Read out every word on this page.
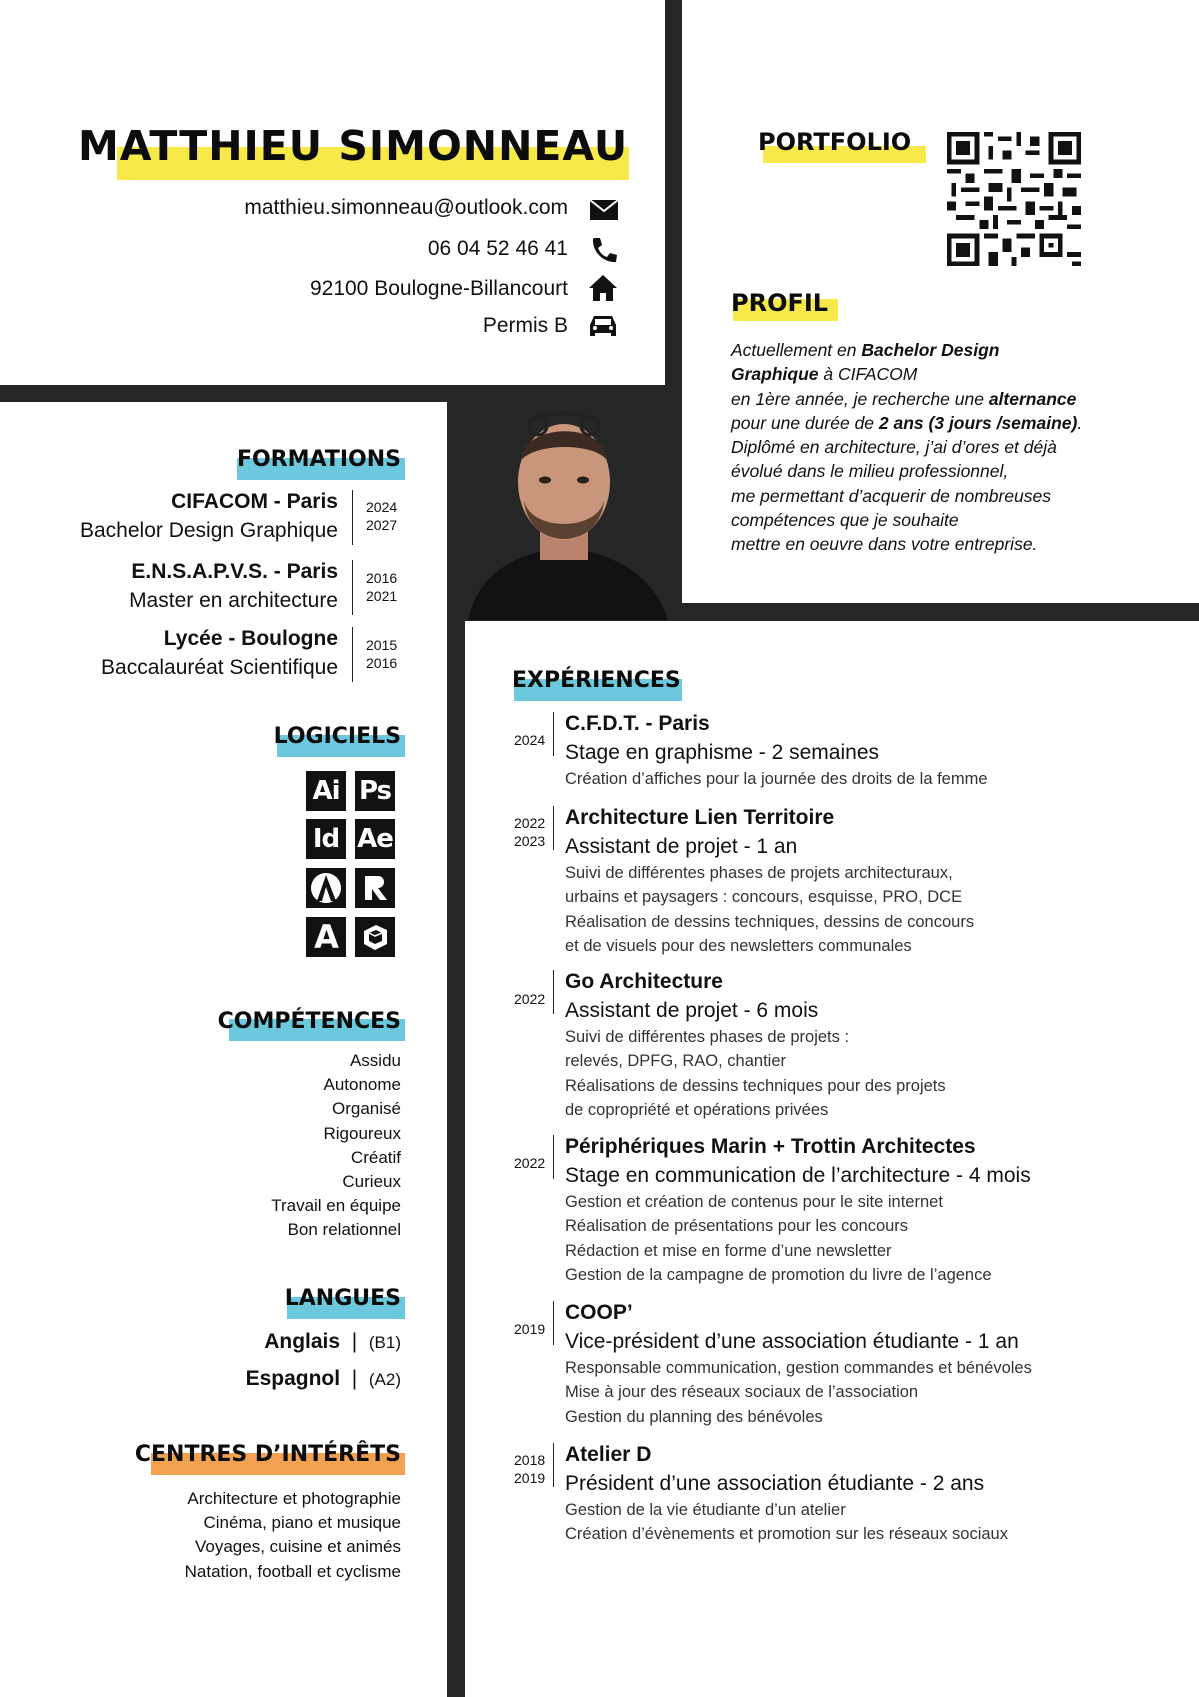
MATTHIEU SIMONNEAU
matthieu.simonneau@outlook.com
06 04 52 46 41
92100 Boulogne-Billancourt
Permis B
PORTFOLIO
PROFIL
Actuellement en Bachelor Design
Graphique à CIFACOM
en 1ère année, je recherche une alternance
pour une durée de 2 ans (3 jours /semaine).
Diplômé en architecture, j’ai d’ores et déjà
évolué dans le milieu professionnel,
me permettant d’acquerir de nombreuses
compétences que je souhaite
mettre en oeuvre dans votre entreprise.
FORMATIONS
CIFACOM - Paris
Bachelor Design Graphique
2024
2027
E.N.S.A.P.V.S. - Paris
Master en architecture
2016
2021
Lycée - Boulogne
Baccalauréat Scientifique
2015
2016
LOGICIELS
Ai Ps
Id Ae
A
COMPÉTENCES
Assidu
Autonome
Organisé
Rigoureux
Créatif
Curieux
Travail en équipe
Bon relationnel
LANGUES
Anglais  |  (B1)
Espagnol  |  (A2)
CENTRES D’INTÉRÊTS
Architecture et photographie
Cinéma, piano et musique
Voyages, cuisine et animés
Natation, football et cyclisme
EXPÉRIENCES
2024
C.F.D.T. - Paris
Stage en graphisme - 2 semaines
Création d’affiches pour la journée des droits de la femme
2022
2023
Architecture Lien Territoire
Assistant de projet - 1 an
Suivi de différentes phases de projets architecturaux,
urbains et paysagers : concours, esquisse, PRO, DCE
Réalisation de dessins techniques, dessins de concours
et de visuels pour des newsletters communales
2022
Go Architecture
Assistant de projet - 6 mois
Suivi de différentes phases de projets :
relevés, DPFG, RAO, chantier
Réalisations de dessins techniques pour des projets
de copropriété et opérations privées
2022
Périphériques Marin + Trottin Architectes
Stage en communication de l’architecture - 4 mois
Gestion et création de contenus pour le site internet
Réalisation de présentations pour les concours
Rédaction et mise en forme d’une newsletter
Gestion de la campagne de promotion du livre de l’agence
2019
COOP’
Vice-président d’une association étudiante - 1 an
Responsable communication, gestion commandes et bénévoles
Mise à jour des réseaux sociaux de l’association
Gestion du planning des bénévoles
2018
2019
Atelier D
Président d’une association étudiante - 2 ans
Gestion de la vie étudiante d’un atelier
Création d’évènements et promotion sur les réseaux sociaux
